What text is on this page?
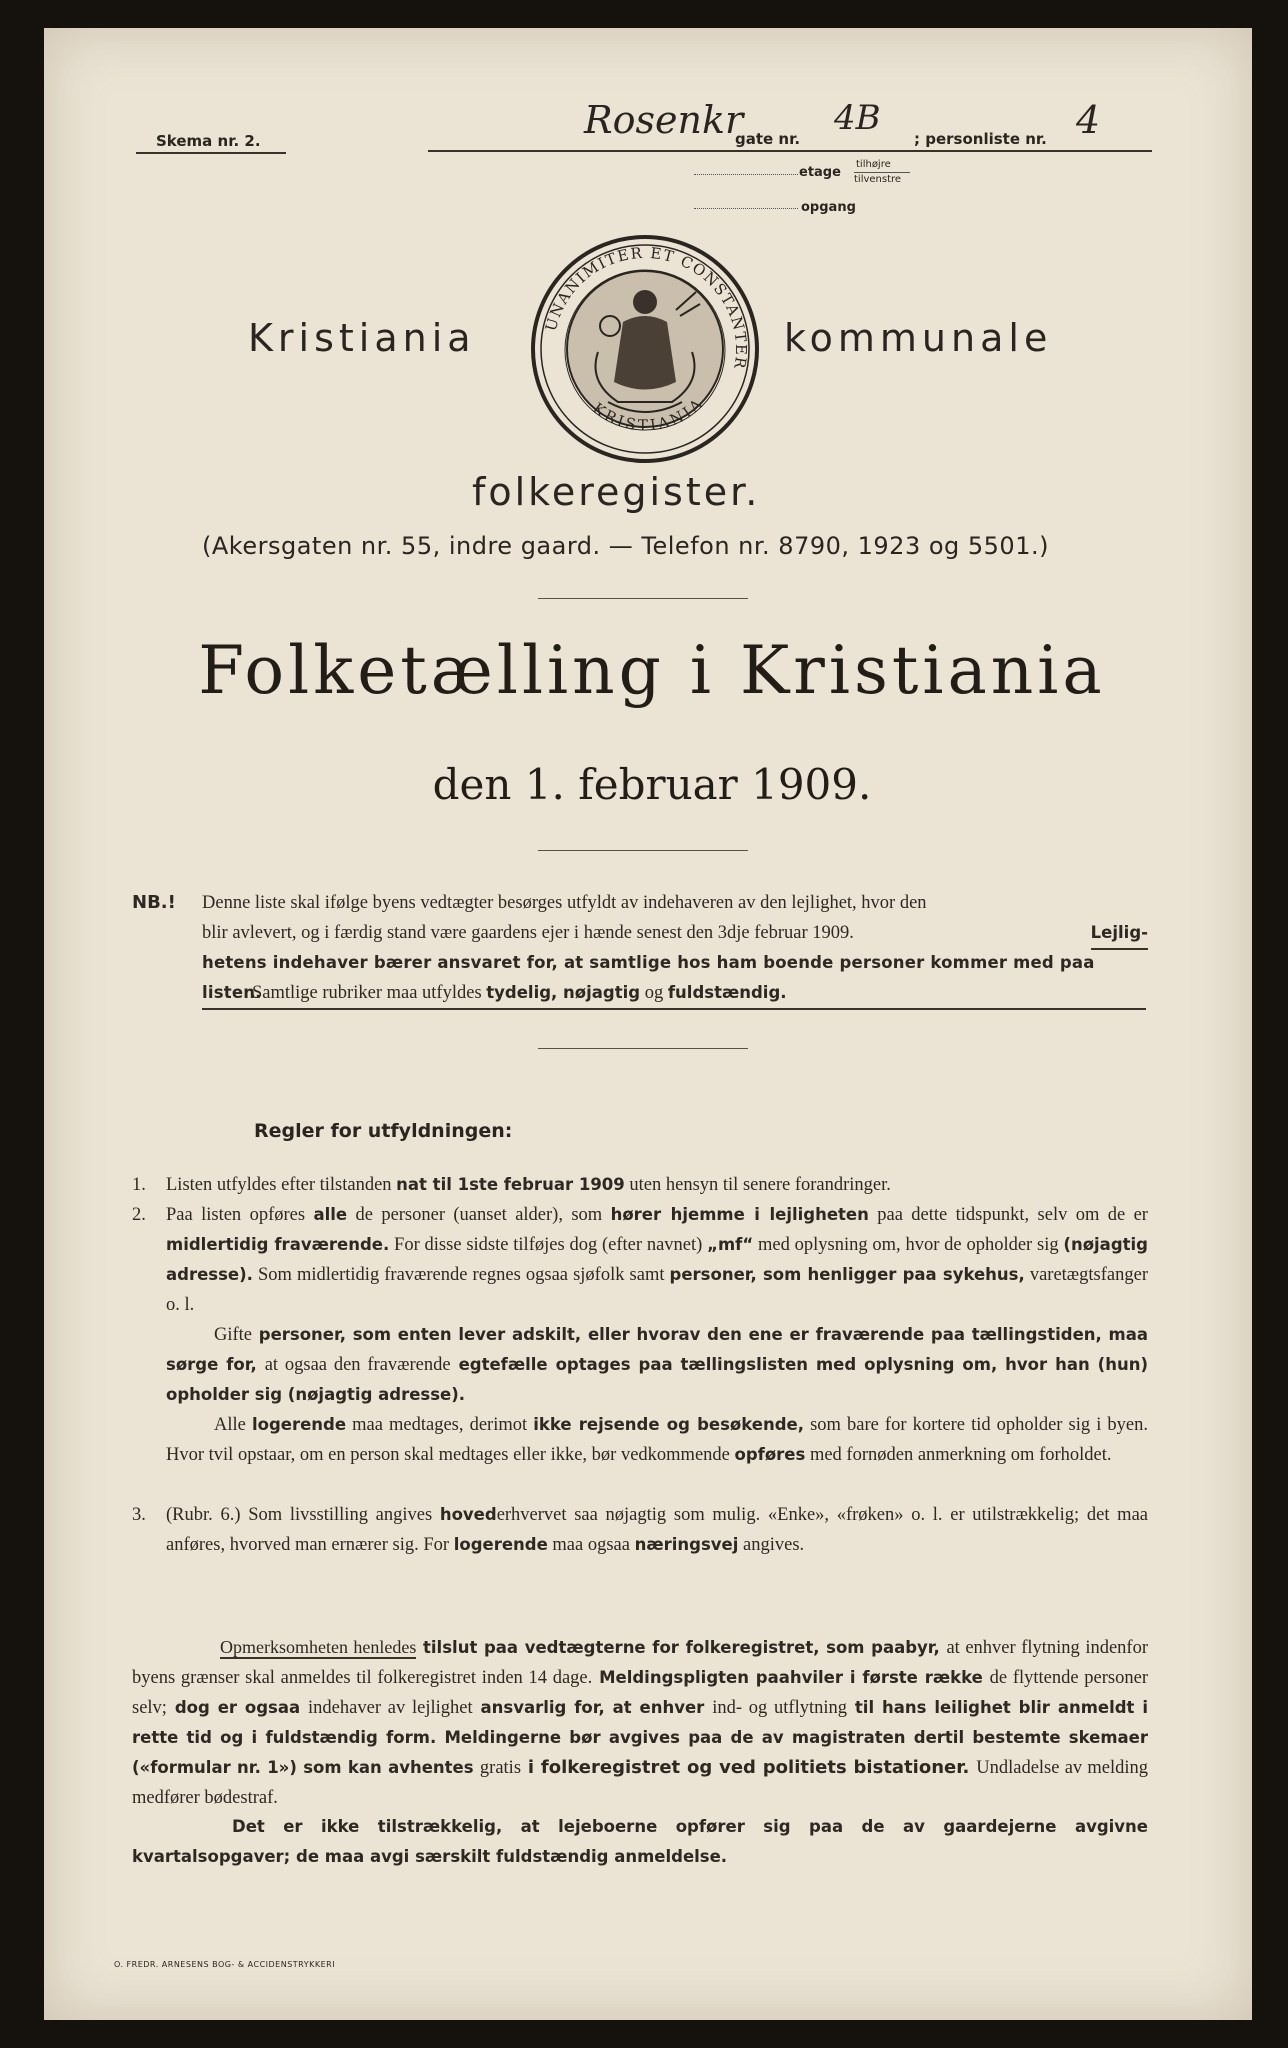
Skema nr. 2.	Rosenkr
gate nr.
4B
; personliste nr. 4
etage
tilhøjre
tilvenstre
opgang
Kristiania	UNANIMITER ET CONSTANTER
KRISTIANIA
kommunale
folkeregister.
(Akersgaten nr. 55, indre gaard. — Telefon nr. 8790, 1923 og 5501.)
Folketælling i Kristiania
den 1. februar 1909.
NB.! Denne liste skal ifølge byens vedtægter besørges utfyldt av indehaveren av den lejlighet, hvor den
blir avlevert, og i færdig stand være gaardens ejer i hænde senest den 3dje februar 1909.	Lejlig-
hetens indehaver bærer ansvaret for, at samtlige hos ham boende personer kommer med paa listen.
Samtlige rubriker maa utfyldes tydelig, nøjagtig og fuldstændig.
Regler for utfyldningen:
1. Listen utfyldes efter tilstanden nat til 1ste februar 1909 uten hensyn til senere forandringer.
2. Paa listen opføres alle de personer (uanset alder), som hører hjemme i lejligheten paa dette tidspunkt, selv om de er midlertidig fraværende. For disse sidste tilføjes dog (efter navnet) „mf“ med oplysning om, hvor de opholder sig (nøjagtig adresse). Som midlertidig fraværende regnes ogsaa sjøfolk samt personer, som henligger paa sykehus, varetægtsfanger o. l.
Gifte personer, som enten lever adskilt, eller hvorav den ene er fraværende paa tællingstiden, maa sørge for, at ogsaa den fraværende egtefælle optages paa tællingslisten med oplysning om, hvor han (hun) opholder sig (nøjagtig adresse).
Alle logerende maa medtages, derimot ikke rejsende og besøkende, som bare for kortere tid opholder sig i byen. Hvor tvil opstaar, om en person skal medtages eller ikke, bør vedkommende opføres med fornøden anmerkning om forholdet.
3. (Rubr. 6.) Som livsstilling angives hovederhvervet saa nøjagtig som mulig. «Enke», «frøken» o. l. er utilstrækkelig; det maa anføres, hvorved man ernærer sig. For logerende maa ogsaa næringsvej angives.
Opmerksomheten henledes tilslut paa vedtægterne for folkeregistret, som paabyr, at enhver flytning indenfor byens grænser skal anmeldes til folkeregistret inden 14 dage. Meldingspligten paahviler i første række de flyttende personer selv; dog er ogsaa indehaver av lejlighet ansvarlig for, at enhver ind- og utflytning til hans leilighet blir anmeldt i rette tid og i fuldstændig form. Meldingerne bør avgives paa de av magistraten dertil bestemte skemaer («formular nr. 1») som kan avhentes gratis i folkeregistret og ved politiets bistationer. Undladelse av melding medfører bødestraf.
Det er ikke tilstrækkelig, at lejeboerne opfører sig paa de av gaardejerne avgivne kvartalsopgaver; de maa avgi særskilt fuldstændig anmeldelse.
O. FREDR. ARNESENS BOG- & ACCIDENSTRYKKERI
